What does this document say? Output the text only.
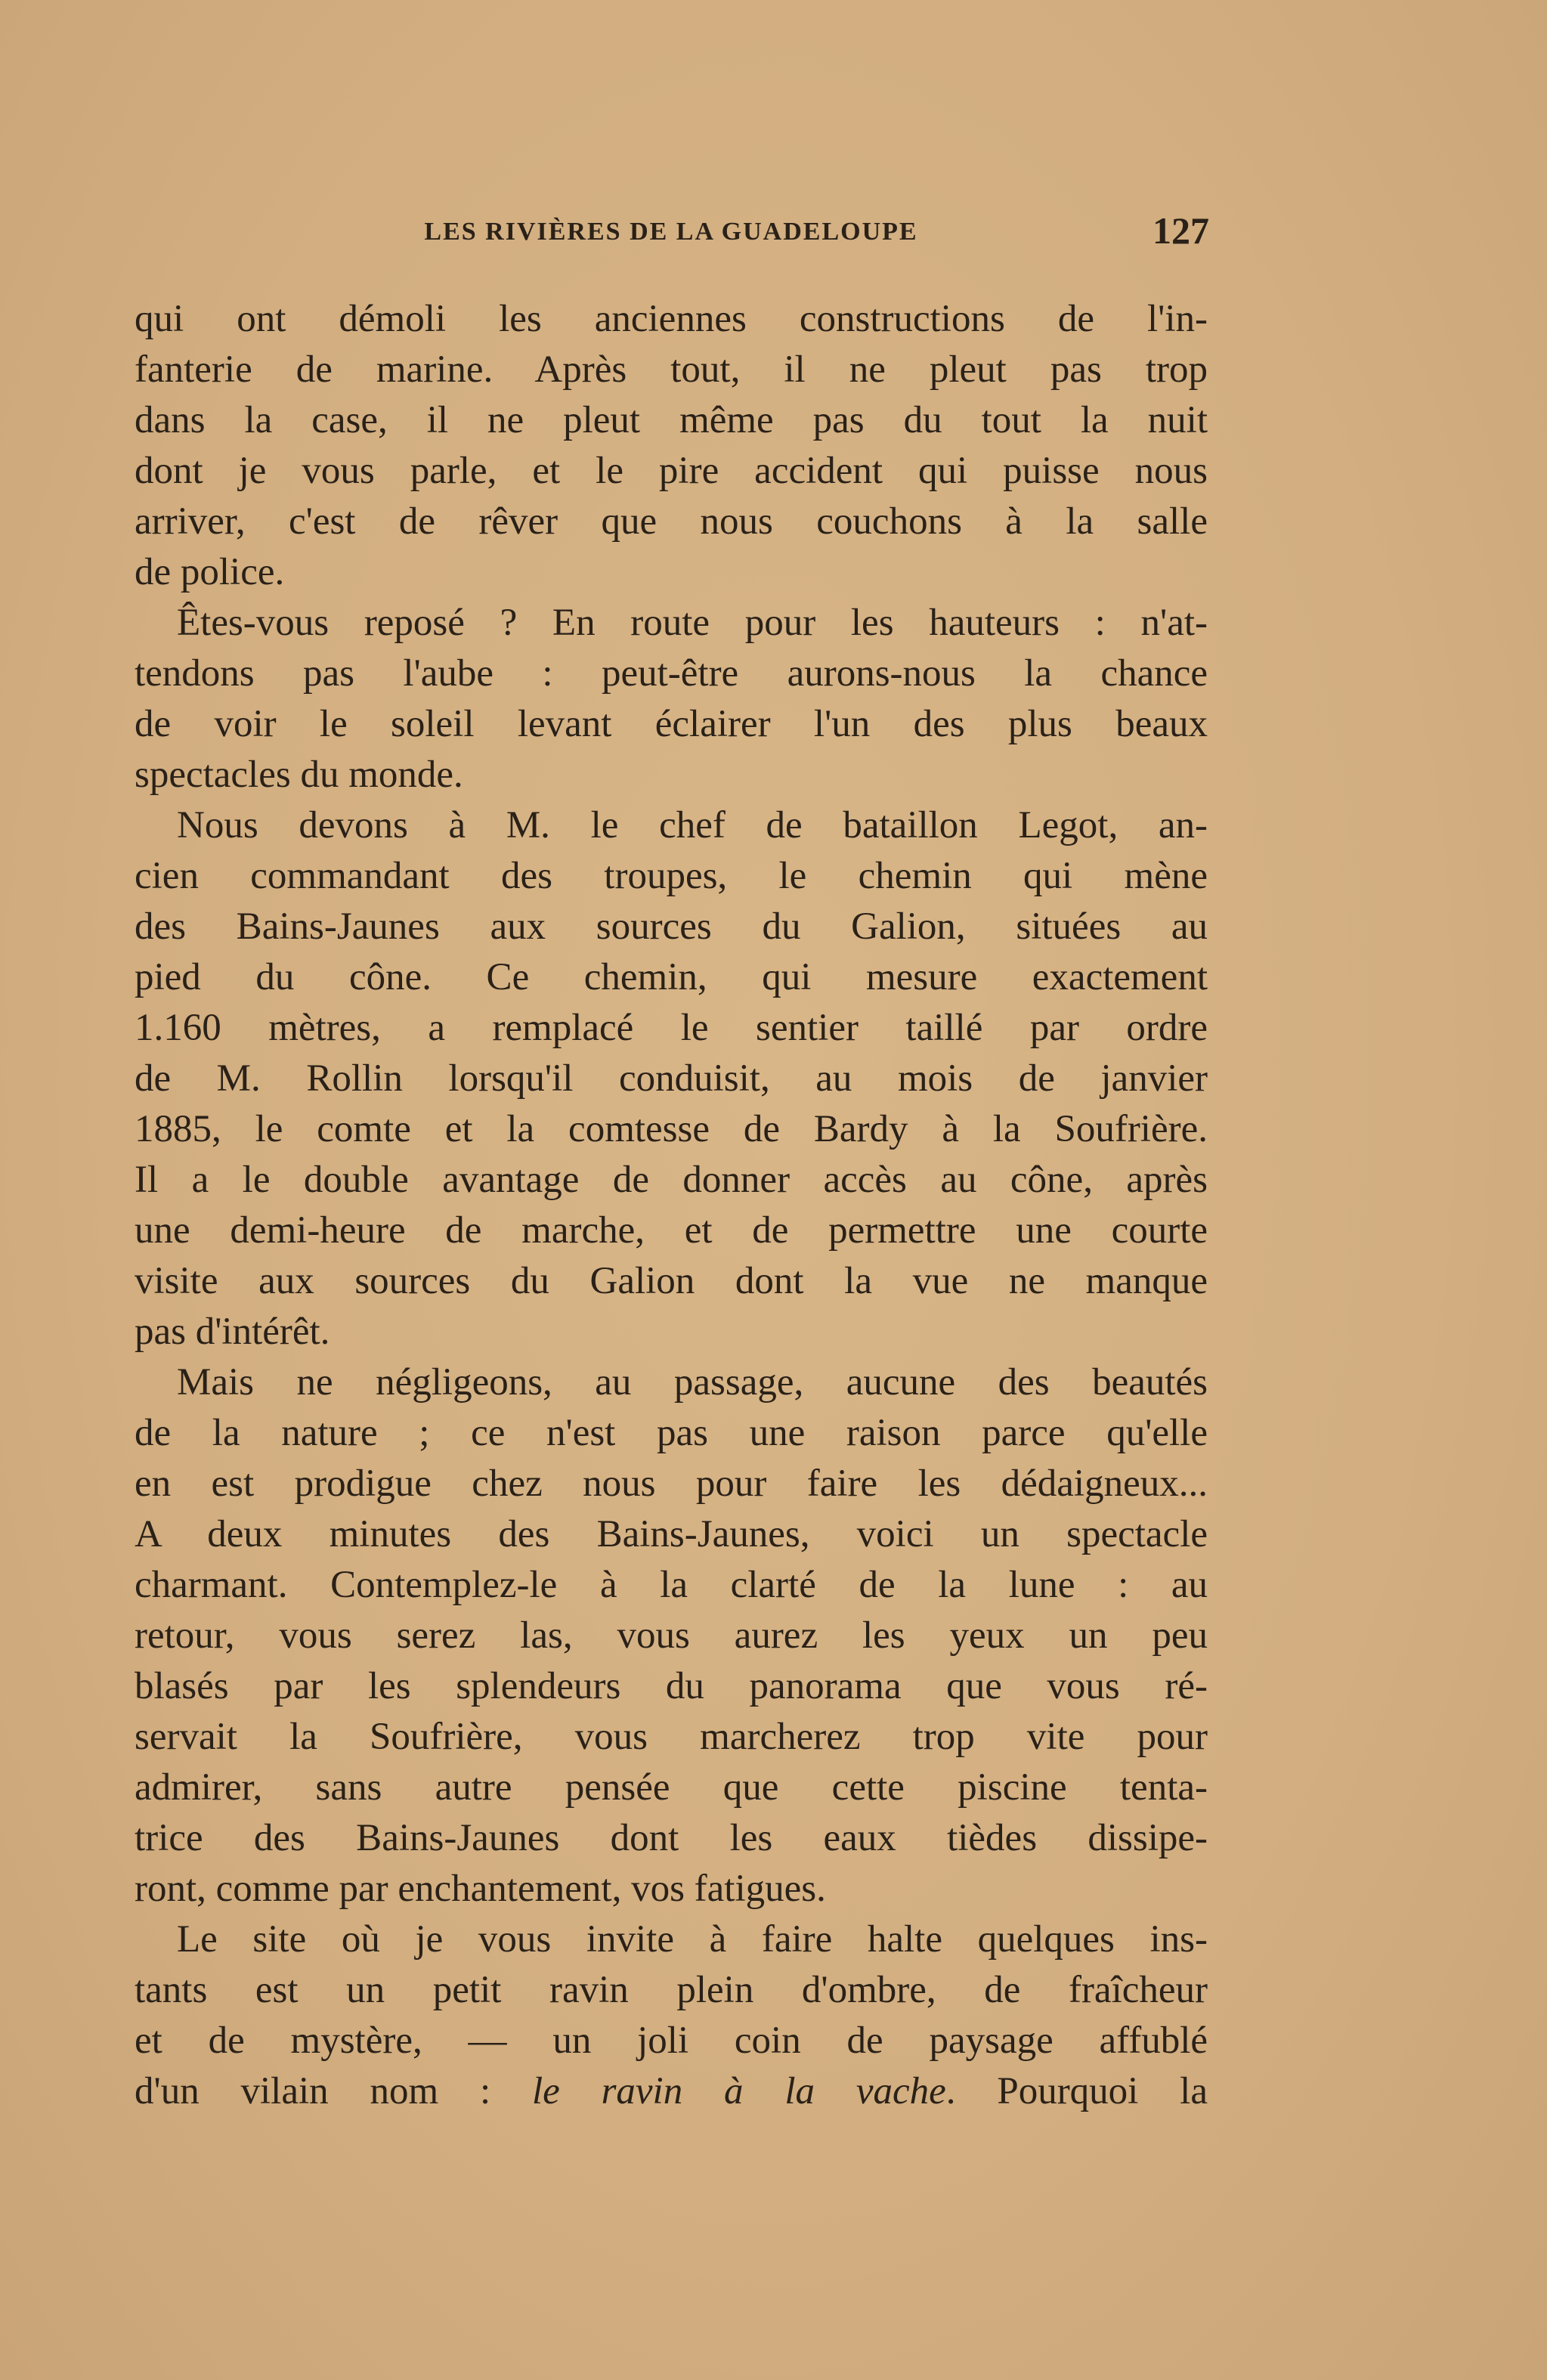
LES RIVIÈRES DE LA GUADELOUPE	127
qui ont démoli les anciennes constructions de l'in-
fanterie de marine. Après tout, il ne pleut pas trop
dans la case, il ne pleut même pas du tout la nuit
dont je vous parle, et le pire accident qui puisse nous
arriver, c'est de rêver que nous couchons à la salle
de police.
Êtes-vous reposé ? En route pour les hauteurs : n'at-
tendons pas l'aube : peut-être aurons-nous la chance
de voir le soleil levant éclairer l'un des plus beaux
spectacles du monde.
Nous devons à M. le chef de bataillon Legot, an-
cien commandant des troupes, le chemin qui mène
des Bains-Jaunes aux sources du Galion, situées au
pied du cône. Ce chemin, qui mesure exactement
1.160 mètres, a remplacé le sentier taillé par ordre
de M. Rollin lorsqu'il conduisit, au mois de janvier
1885, le comte et la comtesse de Bardy à la Soufrière.
Il a le double avantage de donner accès au cône, après
une demi-heure de marche, et de permettre une courte
visite aux sources du Galion dont la vue ne manque
pas d'intérêt.
Mais ne négligeons, au passage, aucune des beautés
de la nature ; ce n'est pas une raison parce qu'elle
en est prodigue chez nous pour faire les dédaigneux...
A deux minutes des Bains-Jaunes, voici un spectacle
charmant. Contemplez-le à la clarté de la lune : au
retour, vous serez las, vous aurez les yeux un peu
blasés par les splendeurs du panorama que vous ré-
servait la Soufrière, vous marcherez trop vite pour
admirer, sans autre pensée que cette piscine tenta-
trice des Bains-Jaunes dont les eaux tièdes dissipe-
ront, comme par enchantement, vos fatigues.
Le site où je vous invite à faire halte quelques ins-
tants est un petit ravin plein d'ombre, de fraîcheur
et de mystère, — un joli coin de paysage affublé
d'un vilain nom : le ravin à la vache. Pourquoi la
